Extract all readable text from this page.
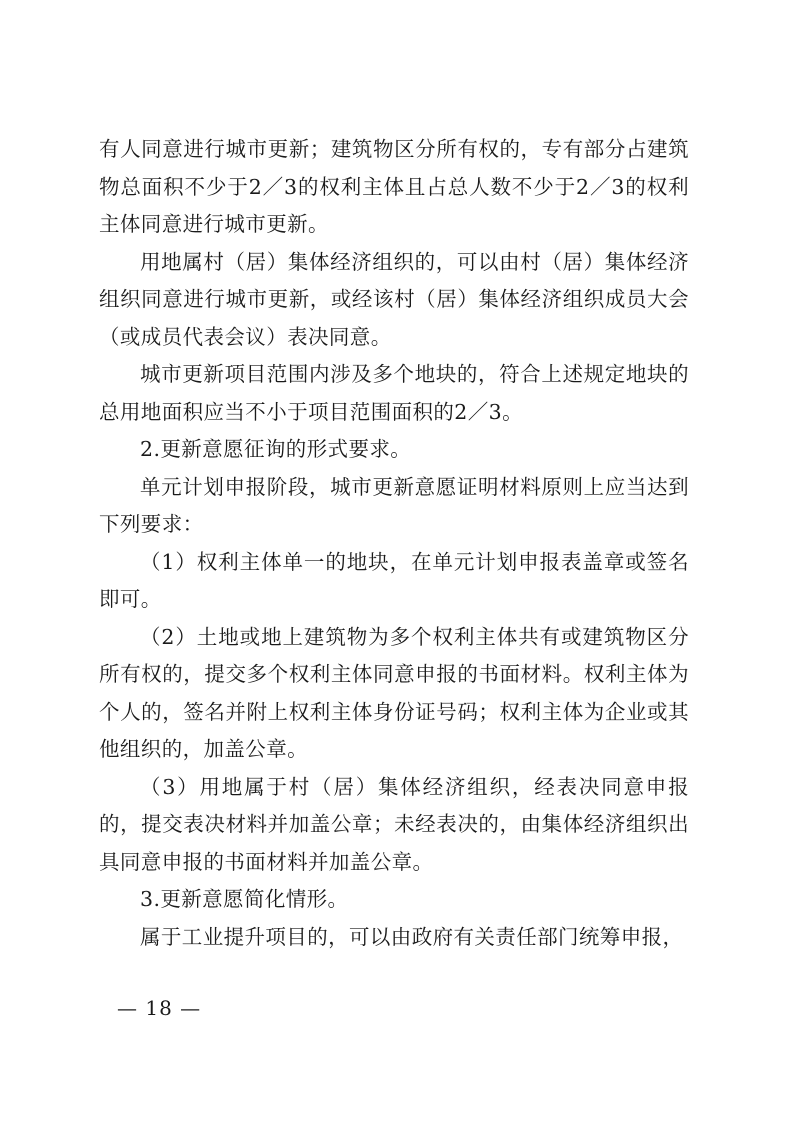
有人同意进行城市更新；建筑物区分所有权的，专有部分占建筑物总面积不少于2／3的权利主体且占总人数不少于2／3的权利主体同意进行城市更新。

用地属村（居）集体经济组织的，可以由村（居）集体经济组织同意进行城市更新，或经该村（居）集体经济组织成员大会（或成员代表会议）表决同意。

城市更新项目范围内涉及多个地块的，符合上述规定地块的总用地面积应当不小于项目范围面积的2／3。

2.更新意愿征询的形式要求。

单元计划申报阶段，城市更新意愿证明材料原则上应当达到下列要求：

（1）权利主体单一的地块，在单元计划申报表盖章或签名即可。

（2）土地或地上建筑物为多个权利主体共有或建筑物区分所有权的，提交多个权利主体同意申报的书面材料。权利主体为个人的，签名并附上权利主体身份证号码；权利主体为企业或其他组织的，加盖公章。

（3）用地属于村（居）集体经济组织，经表决同意申报的，提交表决材料并加盖公章；未经表决的，由集体经济组织出具同意申报的书面材料并加盖公章。

3.更新意愿简化情形。

属于工业提升项目的，可以由政府有关责任部门统筹申报，

— 18 —
